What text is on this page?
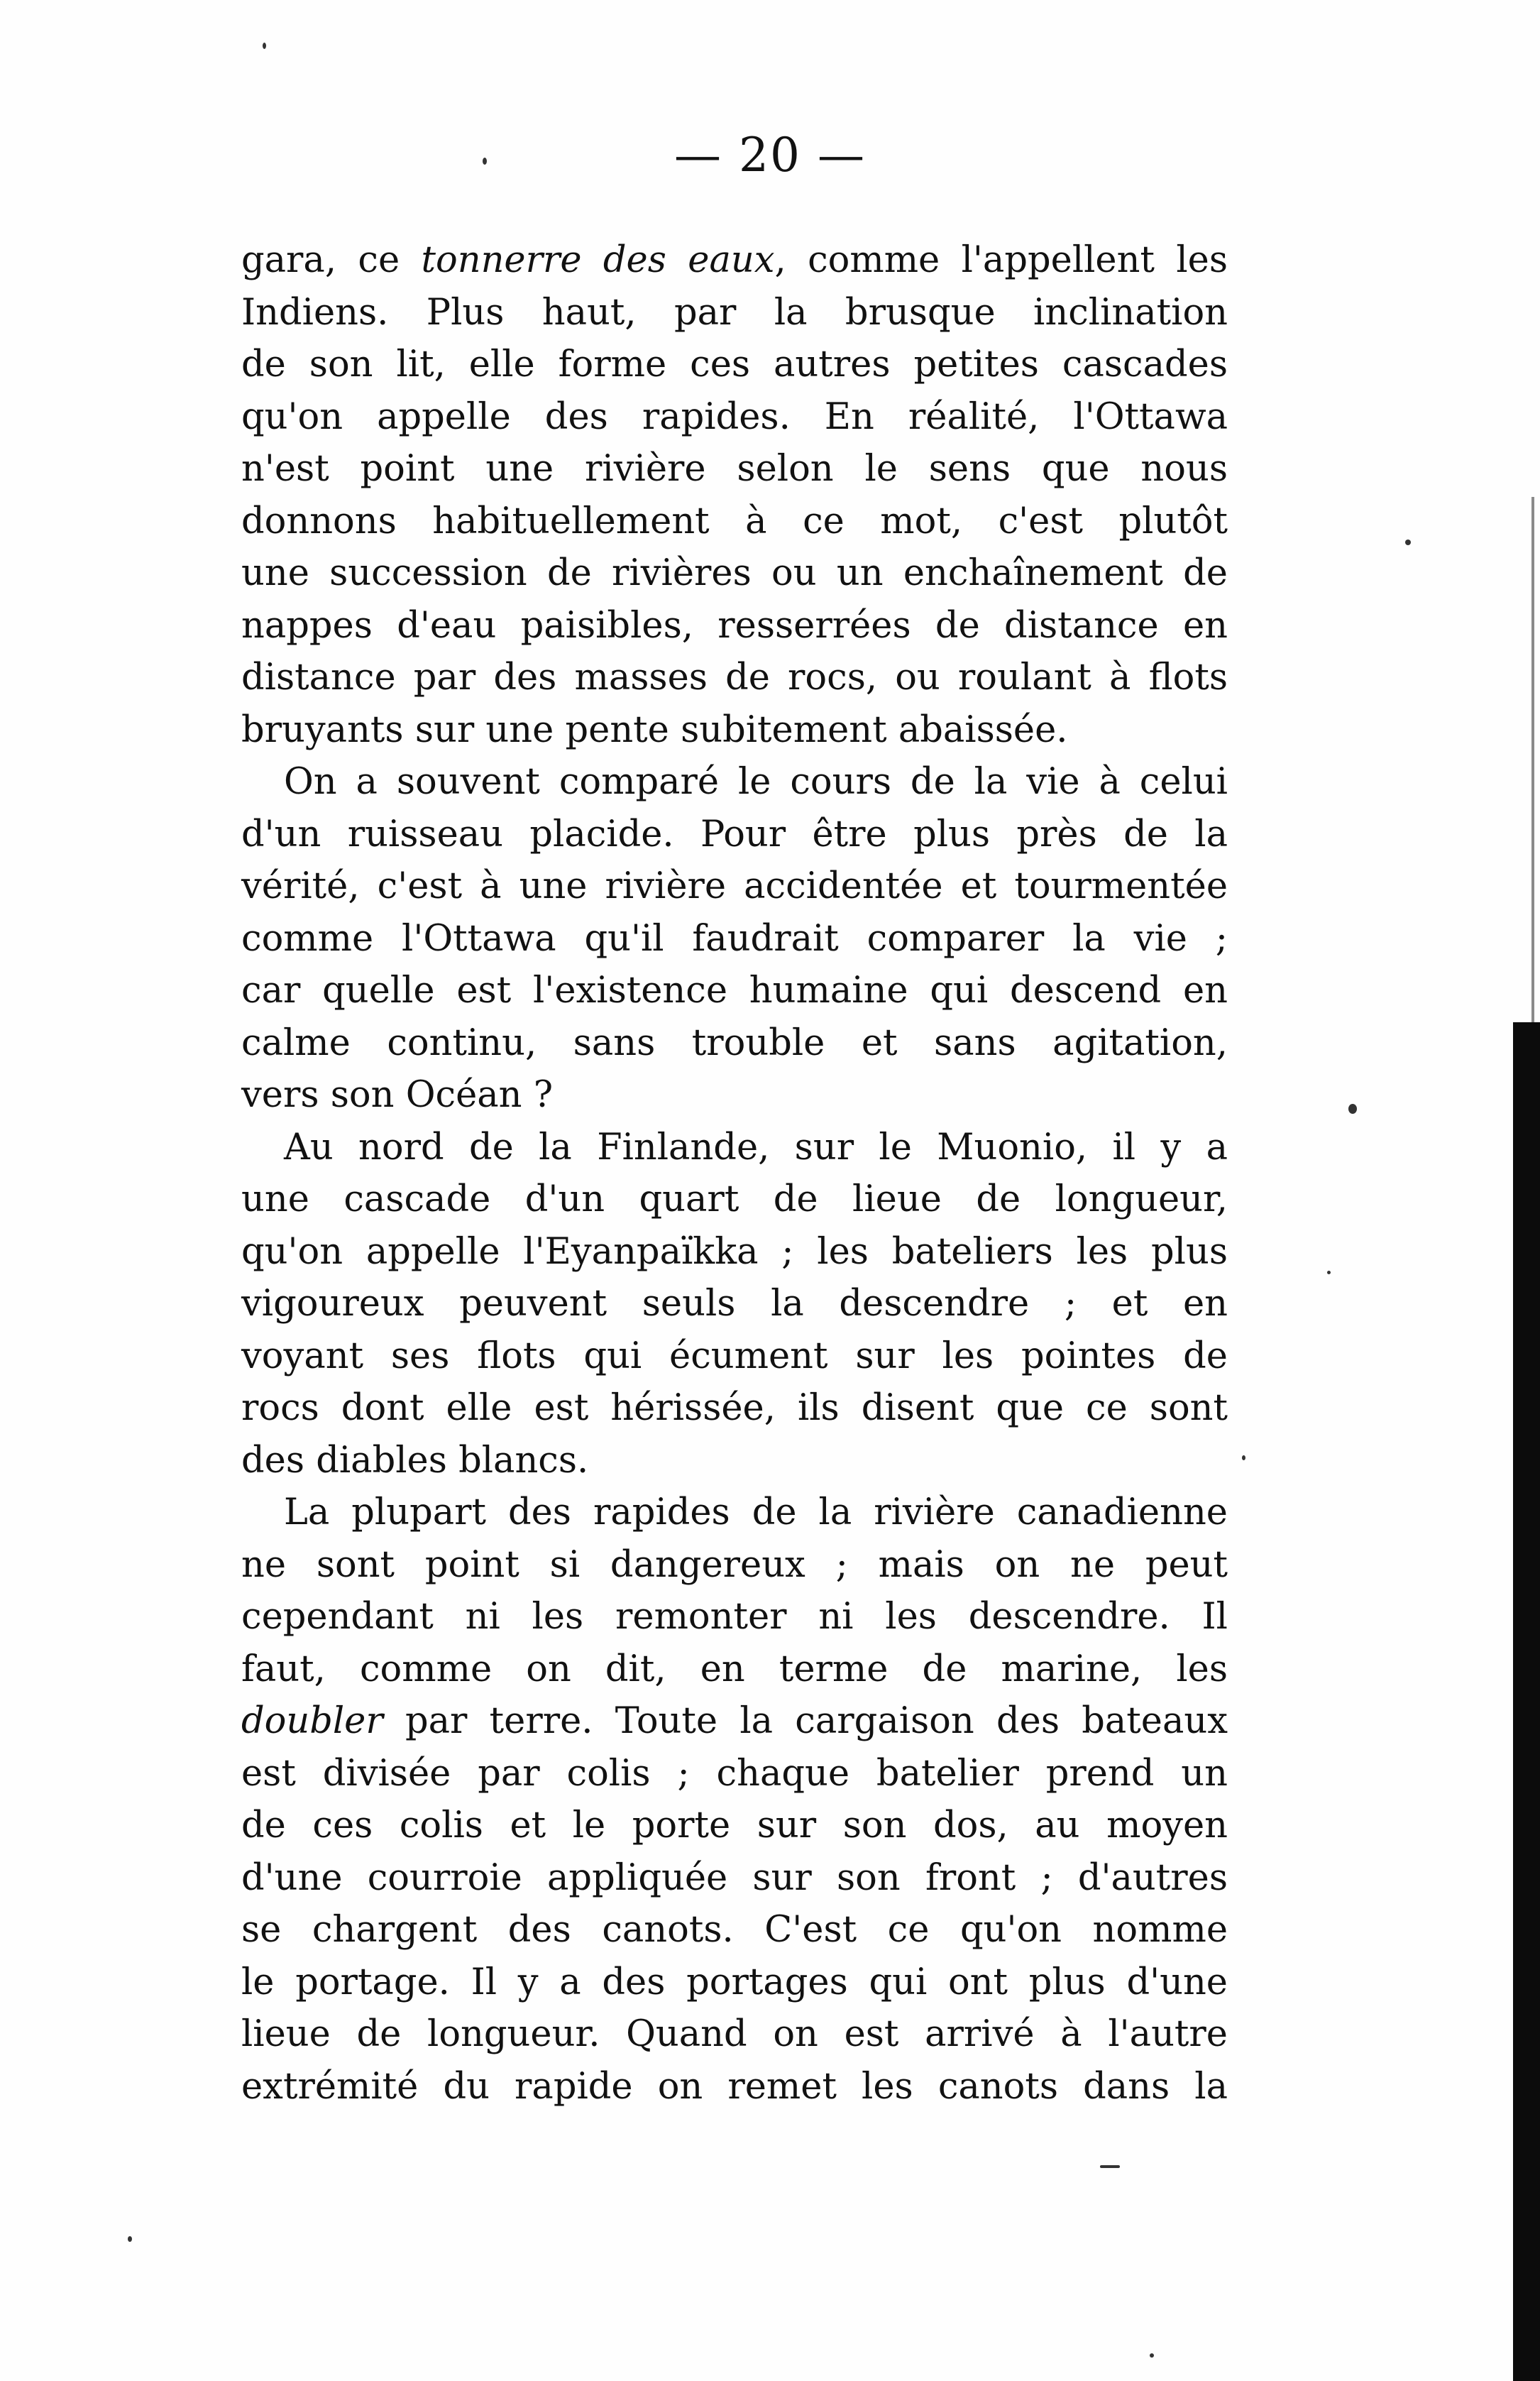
— 20 —
gara, ce tonnerre des eaux, comme l'appellent les
Indiens. Plus haut, par la brusque inclination
de son lit, elle forme ces autres petites cascades
qu'on appelle des rapides. En réalité, l'Ottawa
n'est point une rivière selon le sens que nous
donnons habituellement à ce mot, c'est plutôt
une succession de rivières ou un enchaînement de
nappes d'eau paisibles, resserrées de distance en
distance par des masses de rocs, ou roulant à flots
bruyants sur une pente subitement abaissée.
On a souvent comparé le cours de la vie à celui
d'un ruisseau placide. Pour être plus près de la
vérité, c'est à une rivière accidentée et tourmentée
comme l'Ottawa qu'il faudrait comparer la vie ;
car quelle est l'existence humaine qui descend en
calme continu, sans trouble et sans agitation,
vers son Océan ?
Au nord de la Finlande, sur le Muonio, il y a
une cascade d'un quart de lieue de longueur,
qu'on appelle l'Eyanpaïkka ; les bateliers les plus
vigoureux peuvent seuls la descendre ; et en
voyant ses flots qui écument sur les pointes de
rocs dont elle est hérissée, ils disent que ce sont
des diables blancs.
La plupart des rapides de la rivière canadienne
ne sont point si dangereux ; mais on ne peut
cependant ni les remonter ni les descendre. Il
faut, comme on dit, en terme de marine, les
doubler par terre. Toute la cargaison des bateaux
est divisée par colis ; chaque batelier prend un
de ces colis et le porte sur son dos, au moyen
d'une courroie appliquée sur son front ; d'autres
se chargent des canots. C'est ce qu'on nomme
le portage. Il y a des portages qui ont plus d'une
lieue de longueur. Quand on est arrivé à l'autre
extrémité du rapide on remet les canots dans la
